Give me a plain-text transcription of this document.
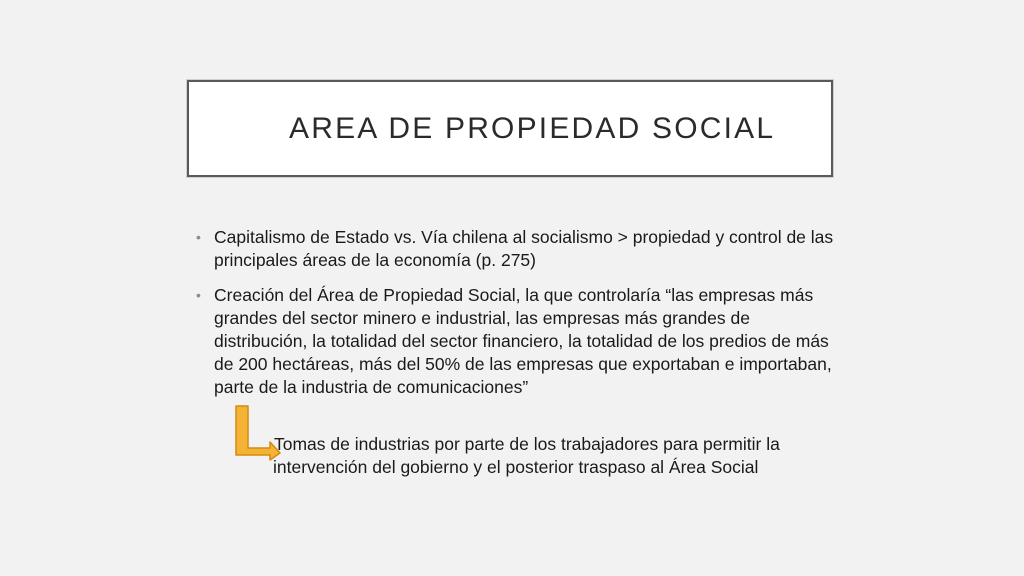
AREA DE PROPIEDAD SOCIAL
• Capitalismo de Estado vs. Vía chilena al socialismo > propiedad y control de las principales áreas de la economía (p. 275)
• Creación del Área de Propiedad Social, la que controlaría “las empresas más grandes del sector minero e industrial, las empresas más grandes de distribución, la totalidad del sector financiero, la totalidad de los predios de más de 200 hectáreas, más del 50% de las empresas que exportaban e importaban, parte de la industria de comunicaciones”

Tomas de industrias por parte de los trabajadores para permitir la
intervención del gobierno y el posterior traspaso al Área Social
